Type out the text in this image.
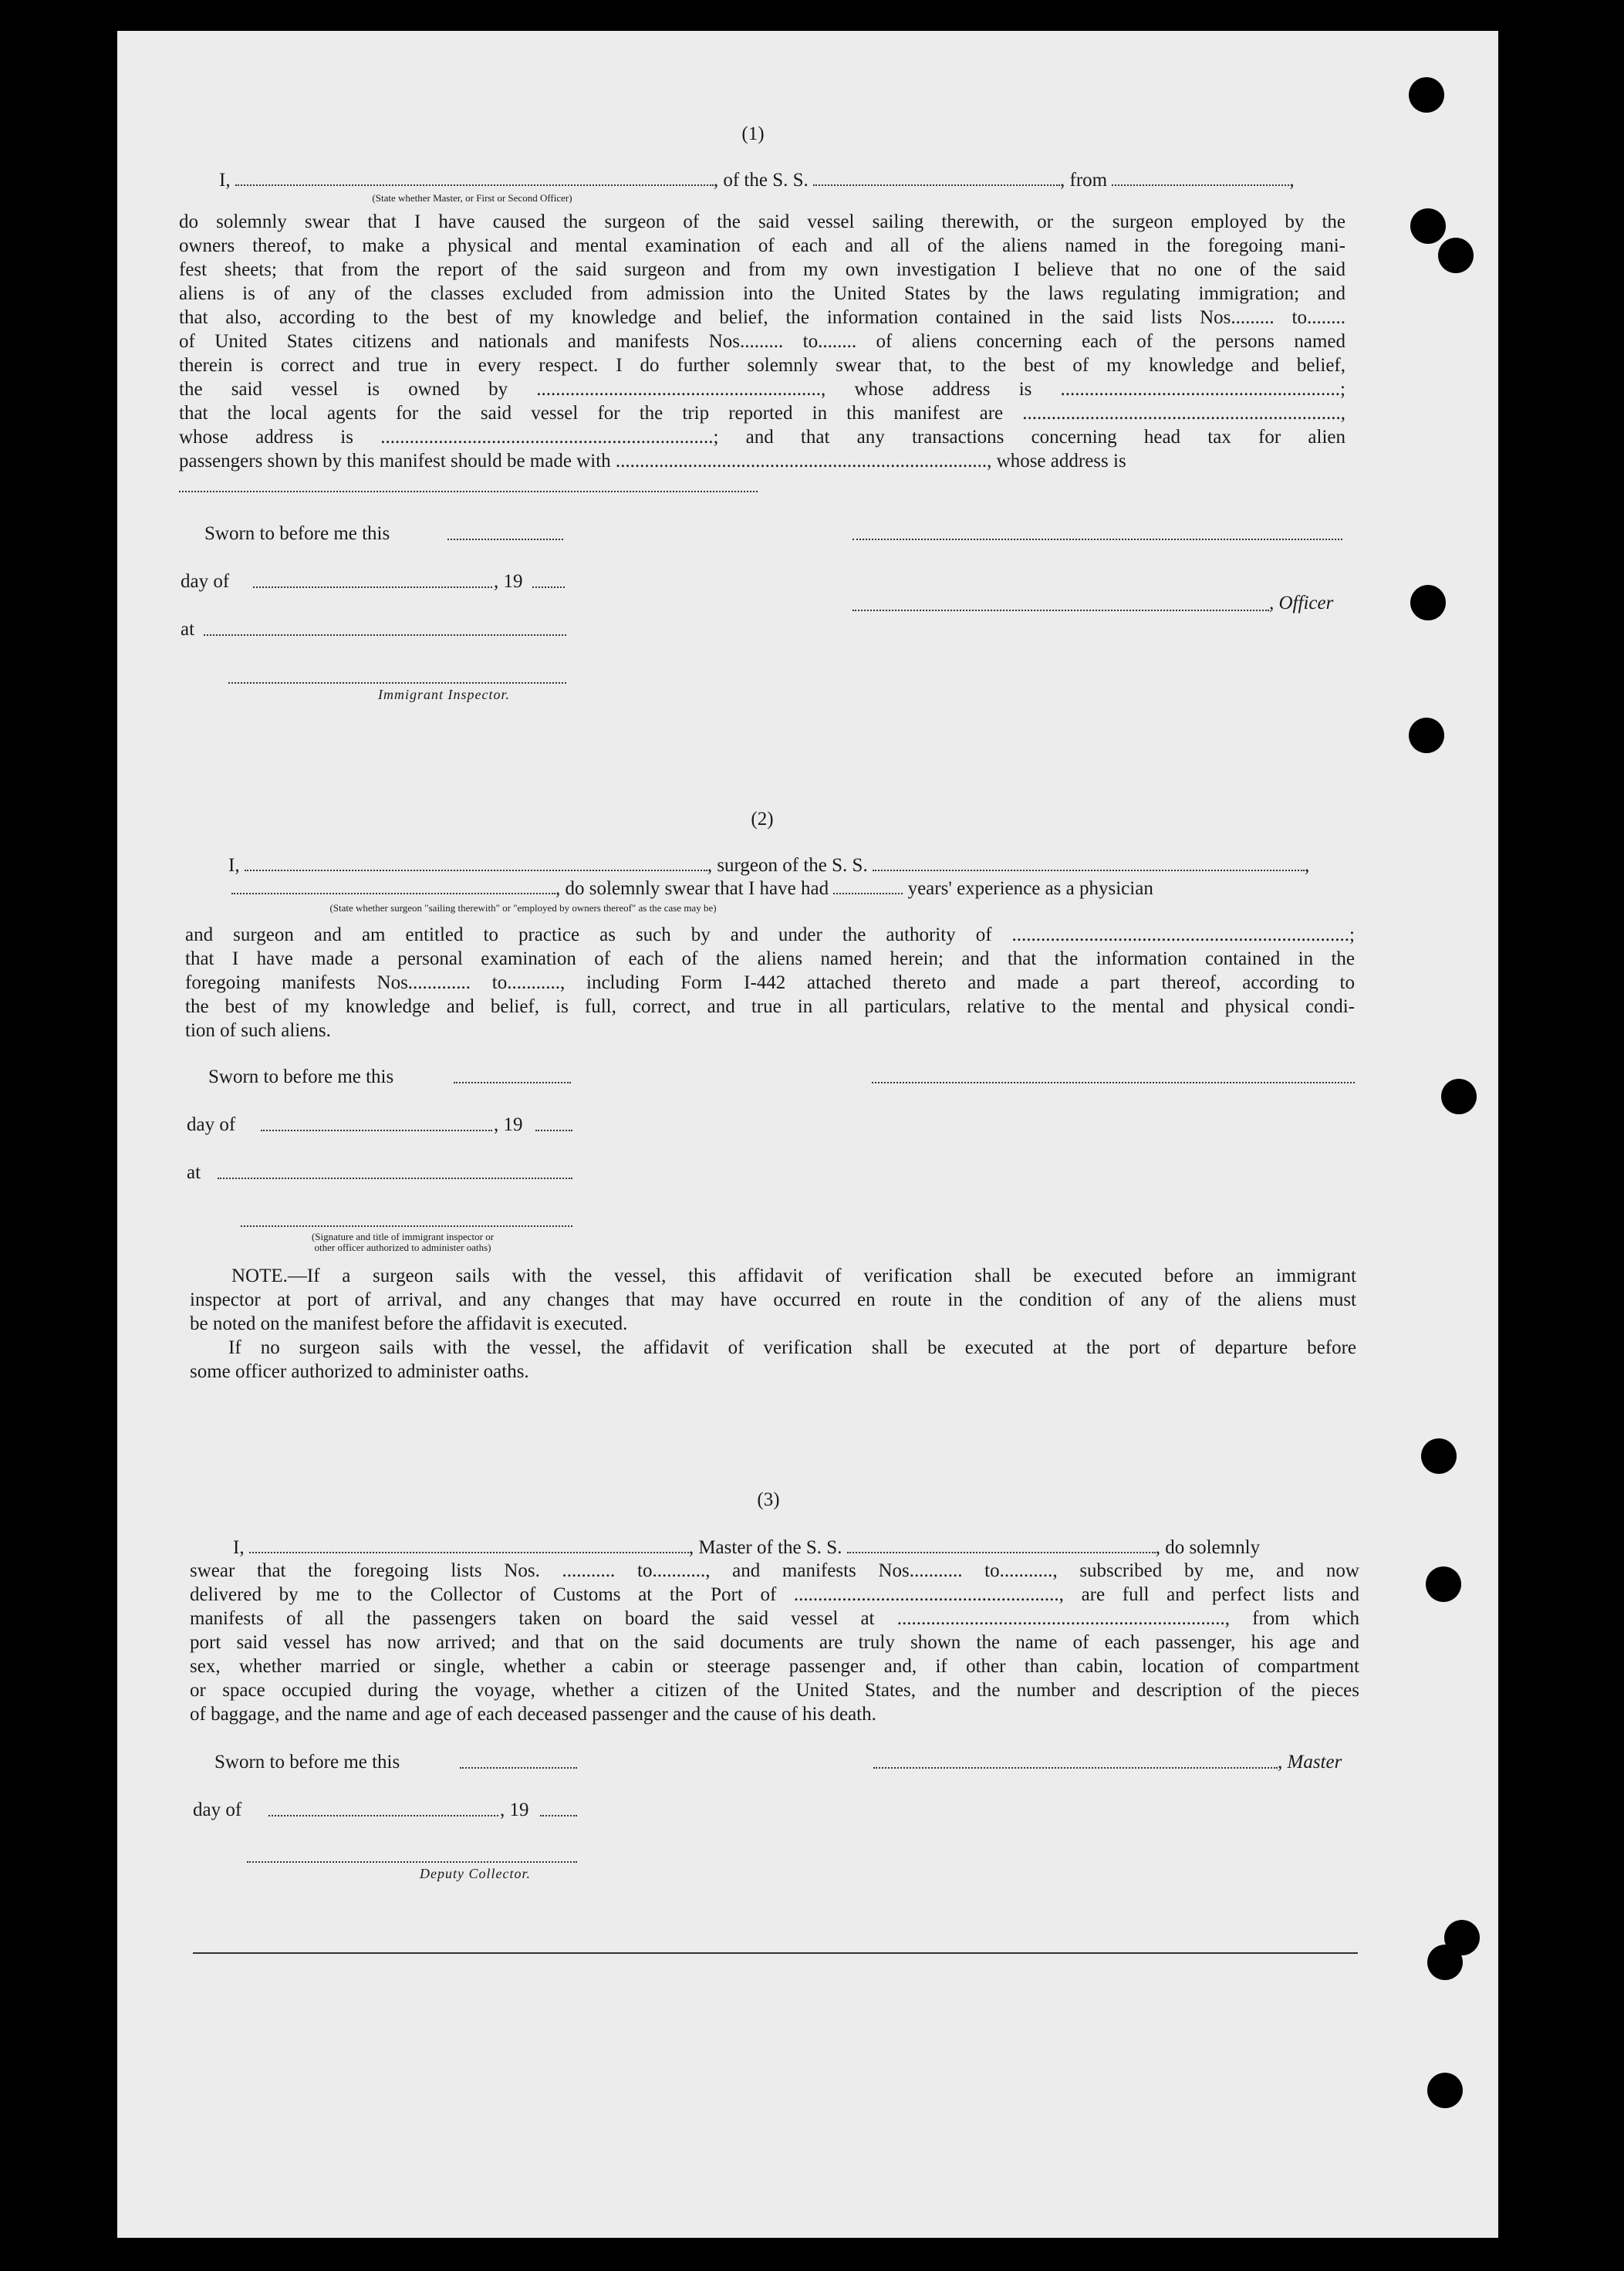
(1)
I,	, of the S. S.	, from	,
(State whether Master, or First or Second Officer)

do solemnly swear that I have caused the surgeon of the said vessel sailing therewith, or the surgeon employed by the

owners thereof, to make a physical and mental examination of each and all of the aliens named in the foregoing mani-

fest sheets; that from the report of the said surgeon and from my own investigation I believe that no one of the said

aliens is of any of the classes excluded from admission into the United States by the laws regulating immigration; and

that also, according to the best of my knowledge and belief, the information contained in the said lists Nos......... to........

of United States citizens and nationals and manifests Nos......... to........ of aliens concerning each of the persons named

therein is correct and true in every respect. I do further solemnly swear that, to the best of my knowledge and belief,

the said vessel is owned by ..........................................................., whose address is ..........................................................;

that the local agents for the said vessel for the trip reported in this manifest are ..................................................................,

whose address is .....................................................................; and that any transactions concerning head tax for alien

passengers shown by this manifest should be made with ............................................................................., whose address is

Sworn to before me this
day of	, 19
at
Immigrant Inspector.
, Officer
(2)
I,	, surgeon of the S. S.	,
, do solemnly swear that I have had	years' experience as a physician
(State whether surgeon "sailing therewith" or "employed by owners thereof" as the case may be)

and surgeon and am entitled to practice as such by and under the authority of ......................................................................;

that I have made a personal examination of each of the aliens named herein; and that the information contained in the

foregoing manifests Nos............. to..........., including Form I-442 attached thereto and made a part thereof, according to

the best of my knowledge and belief, is full, correct, and true in all particulars, relative to the mental and physical condi-

tion of such aliens.

Sworn to before me this
day of	, 19
at
(Signature and title of immigrant inspector or
other officer authorized to administer oaths)

NOTE.—If a surgeon sails with the vessel, this affidavit of verification shall be executed before an immigrant

inspector at port of arrival, and any changes that may have occurred en route in the condition of any of the aliens must

be noted on the manifest before the affidavit is executed.

If no surgeon sails with the vessel, the affidavit of verification shall be executed at the port of departure before

some officer authorized to administer oaths.

(3)
I,	, Master of the S. S.	, do solemnly

swear that the foregoing lists Nos. ........... to..........., and manifests Nos........... to..........., subscribed by me, and now

delivered by me to the Collector of Customs at the Port of ......................................................., are full and perfect lists and

manifests of all the passengers taken on board the said vessel at ...................................................................., from which

port said vessel has now arrived; and that on the said documents are truly shown the name of each passenger, his age and

sex, whether married or single, whether a cabin or steerage passenger and, if other than cabin, location of compartment

or space occupied during the voyage, whether a citizen of the United States, and the number and description of the pieces

of baggage, and the name and age of each deceased passenger and the cause of his death.

Sworn to before me this	, Master
day of	, 19
Deputy Collector.
